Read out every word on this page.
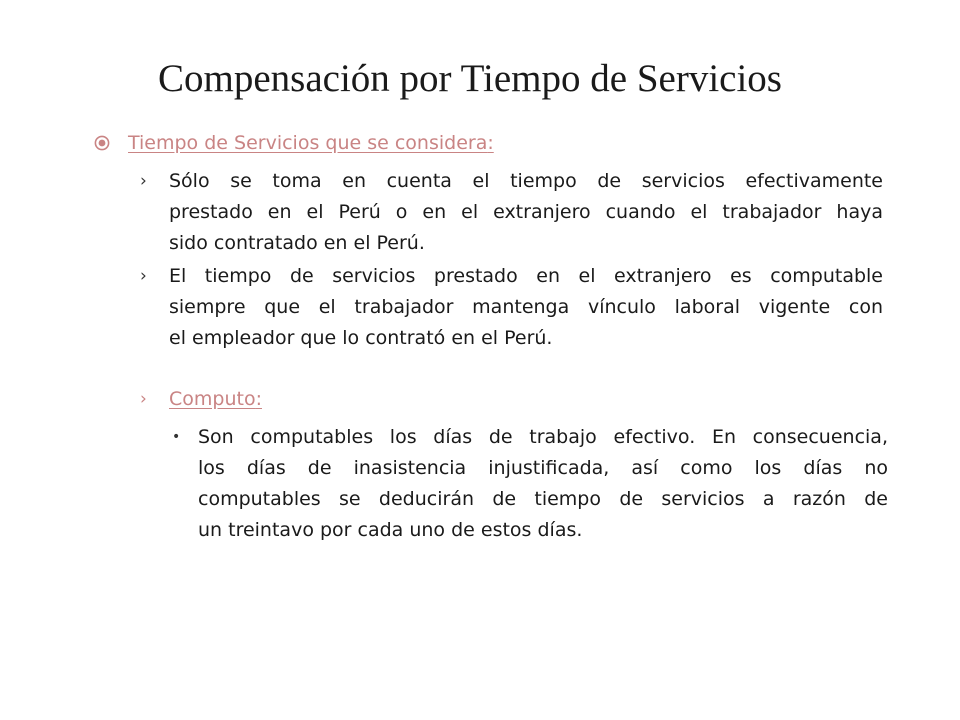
Compensación por Tiempo de Servicios
Tiempo de Servicios que se considera:
›	Sólo se toma en cuenta el tiempo de servicios efectivamente
prestado en el Perú o en el extranjero cuando el trabajador haya
sido contratado en el Perú.
›	El tiempo de servicios prestado en el extranjero es computable
siempre que el trabajador mantenga vínculo laboral vigente con
el empleador que lo contrató en el Perú.
› Computo:
• Son computables los días de trabajo efectivo. En consecuencia,
los días de inasistencia injustificada, así como los días no
computables se deducirán de tiempo de servicios a razón de
un treintavo por cada uno de estos días.
